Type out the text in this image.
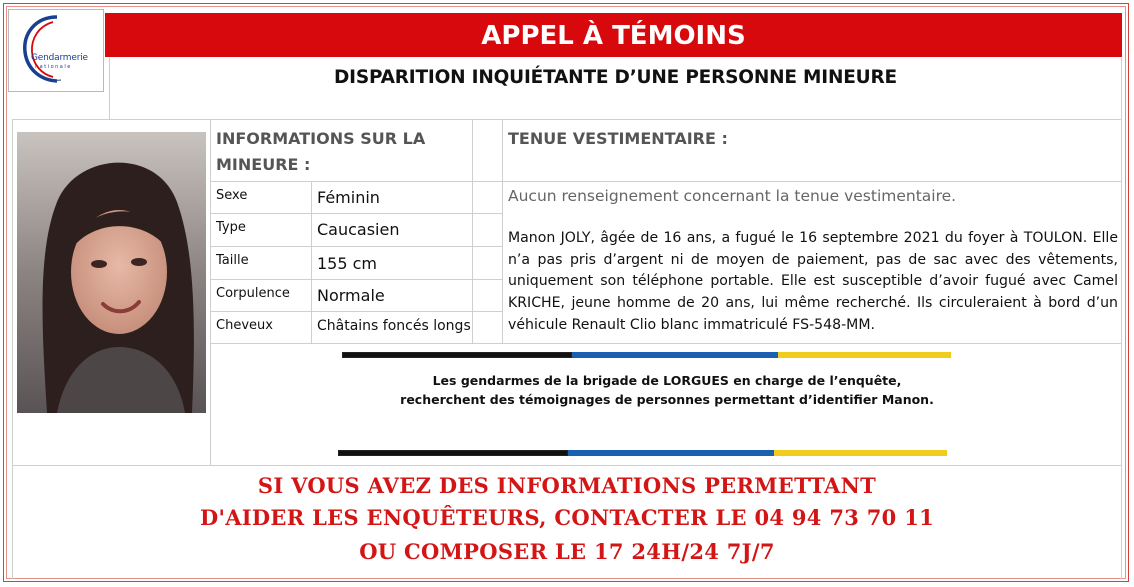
Gendarmerie
nationale
APPEL À TÉMOINS
DISPARITION INQUIÉTANTE D’UNE PERSONNE MINEURE
INFORMATIONS SUR LA
MINEURE :
TENUE VESTIMENTAIRE :
Sexe	Féminin
Type	Caucasien
Taille	155 cm
Corpulence Normale
Cheveux	Châtains foncés longs
Aucun renseignement concernant la tenue vestimentaire.
Manon JOLY, âgée de 16 ans, a fugué le 16 septembre 2021 du foyer à TOULON. Elle n’a pas pris d’argent ni de moyen de paiement, pas de sac avec des vêtements, uniquement son téléphone portable. Elle est susceptible d’avoir fugué avec Camel KRICHE, jeune homme de 20 ans, lui même recherché. Ils circuleraient à bord d’un véhicule Renault Clio blanc immatriculé FS-548-MM.
Les gendarmes de la brigade de LORGUES en charge de l’enquête,
recherchent des témoignages de personnes permettant d’identifier Manon.
SI VOUS AVEZ DES INFORMATIONS PERMETTANT
D'AIDER LES ENQUÊTEURS, CONTACTER LE 04 94 73 70 11
OU COMPOSER LE 17 24H/24 7J/7
